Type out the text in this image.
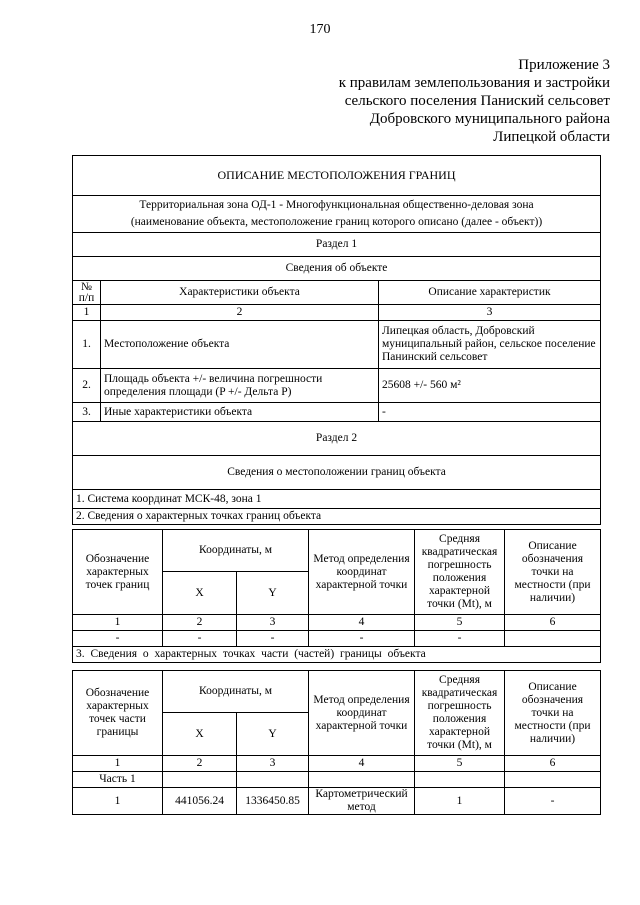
170
Приложение 3
к правилам землепользования и застройки
сельского поселения Паниский сельсовет
Добровского муниципального района
Липецкой области
ОПИСАНИЕ МЕСТОПОЛОЖЕНИЯ ГРАНИЦ		

Территориальная зона ОД-1 - Многофункциональная общественно-деловая зона
(наименование объекта, местоположение границ которого описано (далее - объект))		

Раздел 1		
Сведения об объекте		
№ п/п	Характеристики объекта	Описание характеристик
1	2	3
1.	Местоположение объекта	Липецкая область, Добровский муниципальный район, сельское поселение Панинский сельсовет
2.	Площадь объекта +/- величина погрешности определения площади (P +/- Дельта P)	25608 +/- 560 м²
3.	Иные характеристики объекта	-
Раздел 2		
Сведения о местоположении границ объекта		
1. Система координат МСК-48, зона 1		
2. Сведения о характерных точках границ объекта		
Обозначение характерных точек границ	Координаты, м		Метод определения координат характерной точки	Средняя квадратическая погрешность положения характерной точки (Mt), м	Описание обозначения точки на местности (при наличии)
	X	Y			
1	2	3	4	5	6
-	-	-	-	-	
3. Сведения о характерных точках части (частей) границы объекта					
Обозначение характерных точек части границы	Координаты, м		Метод определения координат характерной точки	Средняя квадратическая погрешность положения характерной точки (Mt), м	Описание обозначения точки на местности (при наличии)
	X	Y			
1	2	3	4	5	6
Часть 1					
1	441056.24	1336450.85	Картометрический метод	1	-
